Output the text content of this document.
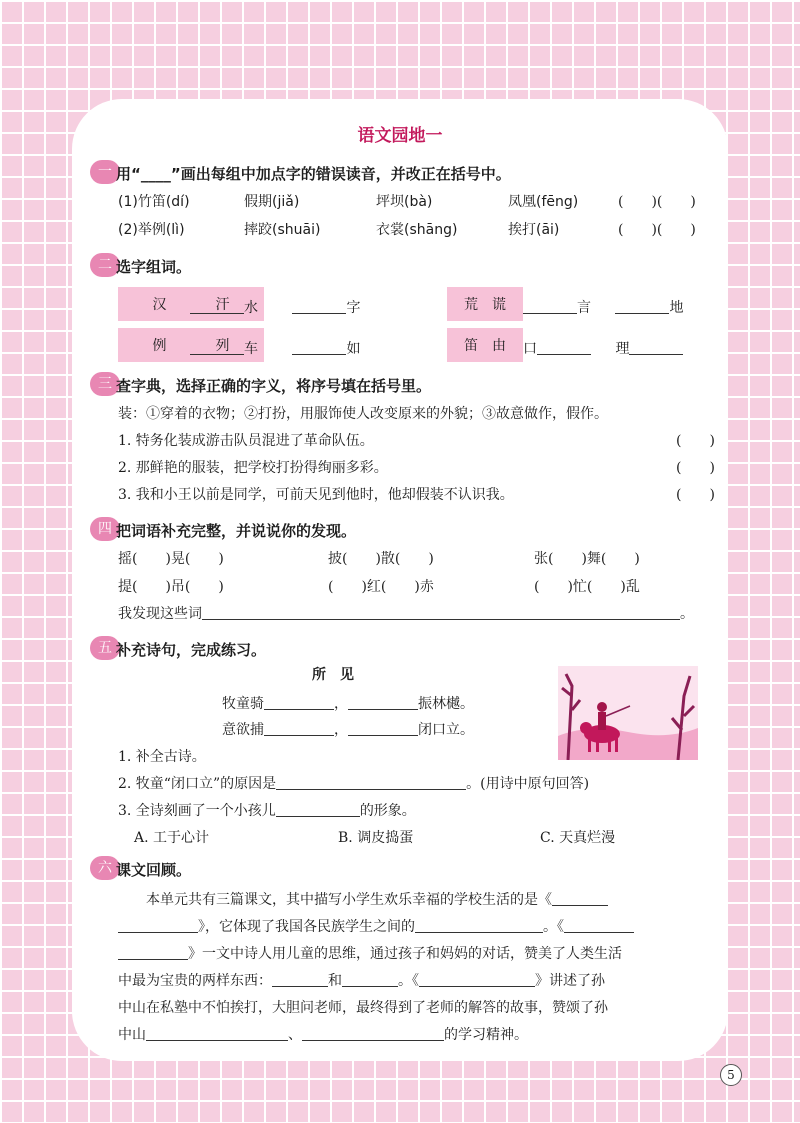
语文园地一
一 用“____”画出每组中加点字的错误读音，并改正在括号中。
(1)竹笛(dí)	假期(jiǎ)	坪坝(bà)	凤凰(fēng)	(　　)(　　)
(2)举例(lì)	摔跤(shuāi)	衣裳(shāng)	挨打(āi)	(　　)(　　)
二 选字组词。
汉	汗	水	字
例	列	车	如
荒 谎	言	地
笛 由 口	理
三 查字典，选择正确的字义，将序号填在括号里。
装：①穿着的衣物；②打扮，用服饰使人改变原来的外貌；③故意做作，假作。
1. 特务化装成游击队员混进了革命队伍。	(　　)
2. 那鲜艳的服装，把学校打扮得绚丽多彩。	(　　)
3. 我和小王以前是同学，可前天见到他时，他却假装不认识我。	(　　)
四 把词语补充完整，并说说你的发现。
摇(　　)晃(　　)	披(　　)散(　　)	张(　　)舞(　　)
提(　　)吊(　　)	(　　)红(　　)赤	(　　)忙(　　)乱
我发现这些词	。
五 补充诗句，完成练习。
所　见
牧童骑	，	振林樾。
意欲捕	，	闭口立。
1. 补全古诗。
2. 牧童“闭口立”的原因是	。(用诗中原句回答)
3. 全诗刻画了一个小孩儿	的形象。
A. 工于心计	B. 调皮捣蛋	C. 天真烂漫
六 课文回顾。
本单元共有三篇课文，其中描写小学生欢乐幸福的学校生活的是《
》，它体现了我国各民族学生之间的	。《
》一文中诗人用儿童的思维，通过孩子和妈妈的对话，赞美了人类生活
中最为宝贵的两样东西：	和	。《	》讲述了孙
中山在私塾中不怕挨打，大胆问老师，最终得到了老师的解答的故事，赞颂了孙
中山	、	的学习精神。
5
